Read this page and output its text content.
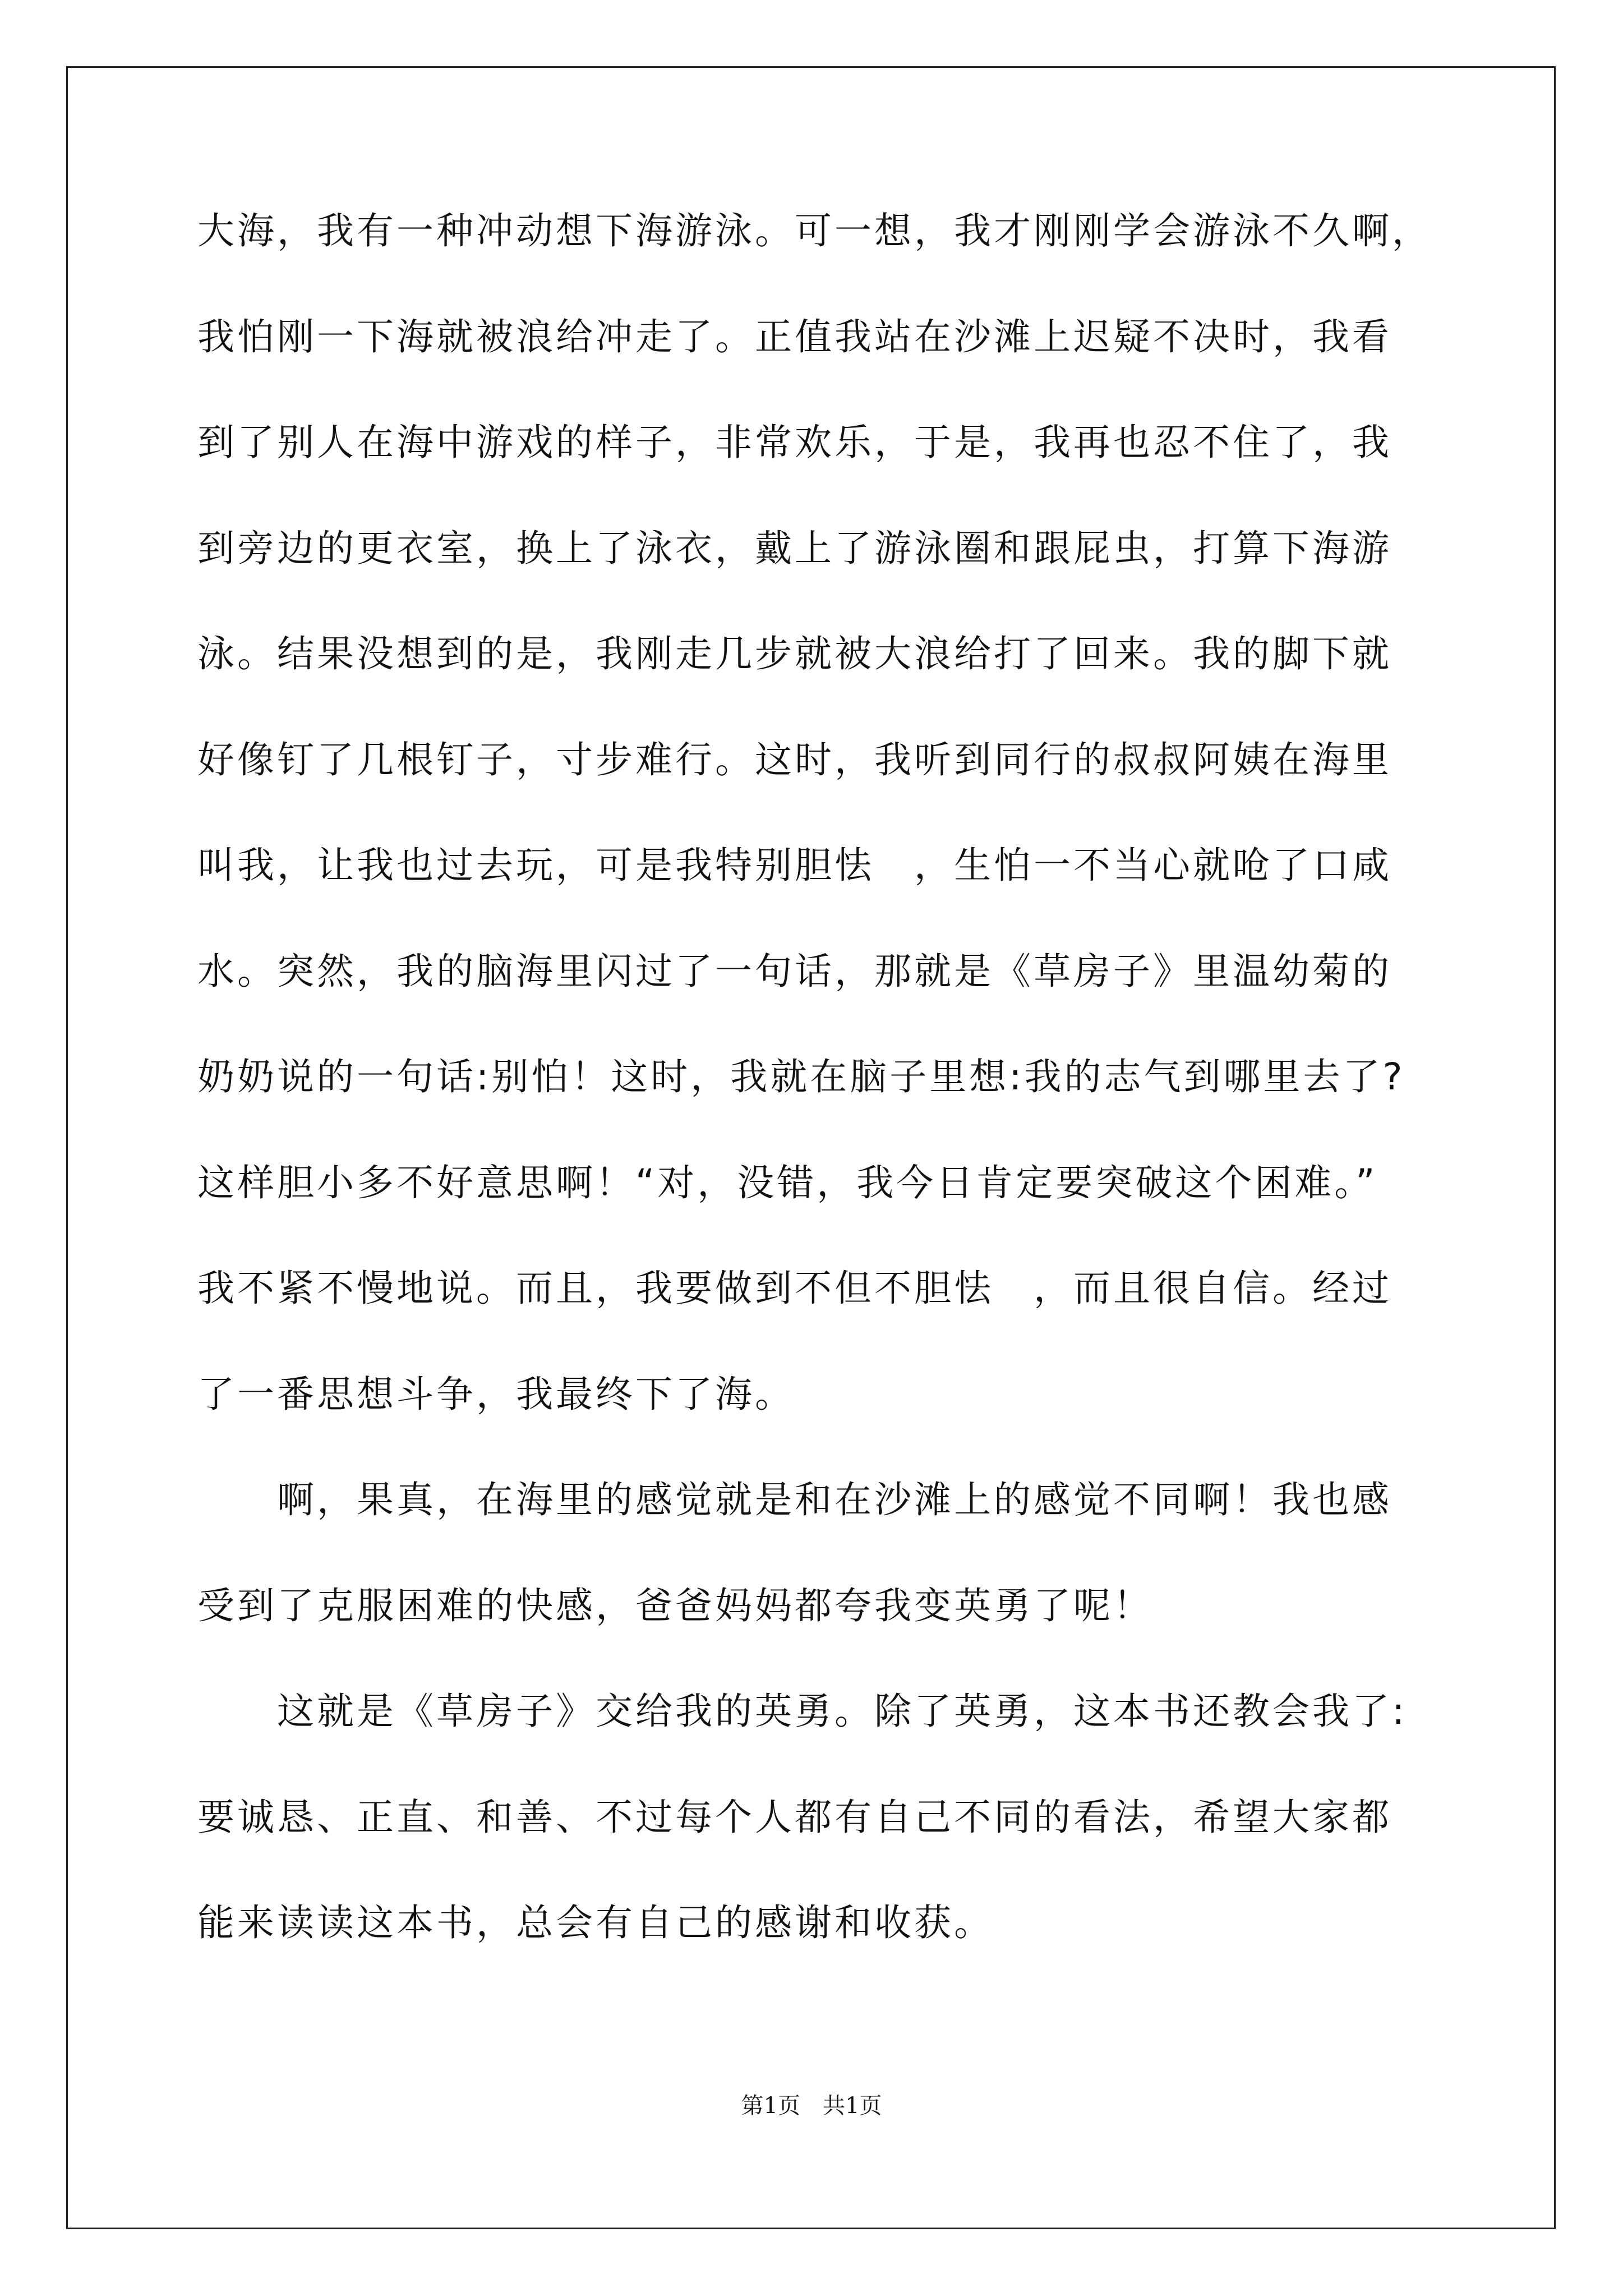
大海，我有一种冲动想下海游泳。可一想，我才刚刚学会游泳不久啊，
我怕刚一下海就被浪给冲走了。正值我站在沙滩上迟疑不决时，我看
到了别人在海中游戏的样子，非常欢乐，于是，我再也忍不住了，我
到旁边的更衣室，换上了泳衣，戴上了游泳圈和跟屁虫，打算下海游
泳。结果没想到的是，我刚走几步就被大浪给打了回来。我的脚下就
好像钉了几根钉子，寸步难行。这时，我听到同行的叔叔阿姨在海里
叫我，让我也过去玩，可是我特别胆怯　，生怕一不当心就呛了口咸
水。突然，我的脑海里闪过了一句话，那就是《草房子》里温幼菊的
奶奶说的一句话:别怕！这时，我就在脑子里想:我的志气到哪里去了?
这样胆小多不好意思啊！“对，没错，我今日肯定要突破这个困难。”
我不紧不慢地说。而且，我要做到不但不胆怯　，而且很自信。经过
了一番思想斗争，我最终下了海。
啊，果真，在海里的感觉就是和在沙滩上的感觉不同啊！我也感
受到了克服困难的快感，爸爸妈妈都夸我变英勇了呢！
这就是《草房子》交给我的英勇。除了英勇，这本书还教会我了:
要诚恳、正直、和善、不过每个人都有自己不同的看法，希望大家都
能来读读这本书，总会有自己的感谢和收获。
第1页　共1页
